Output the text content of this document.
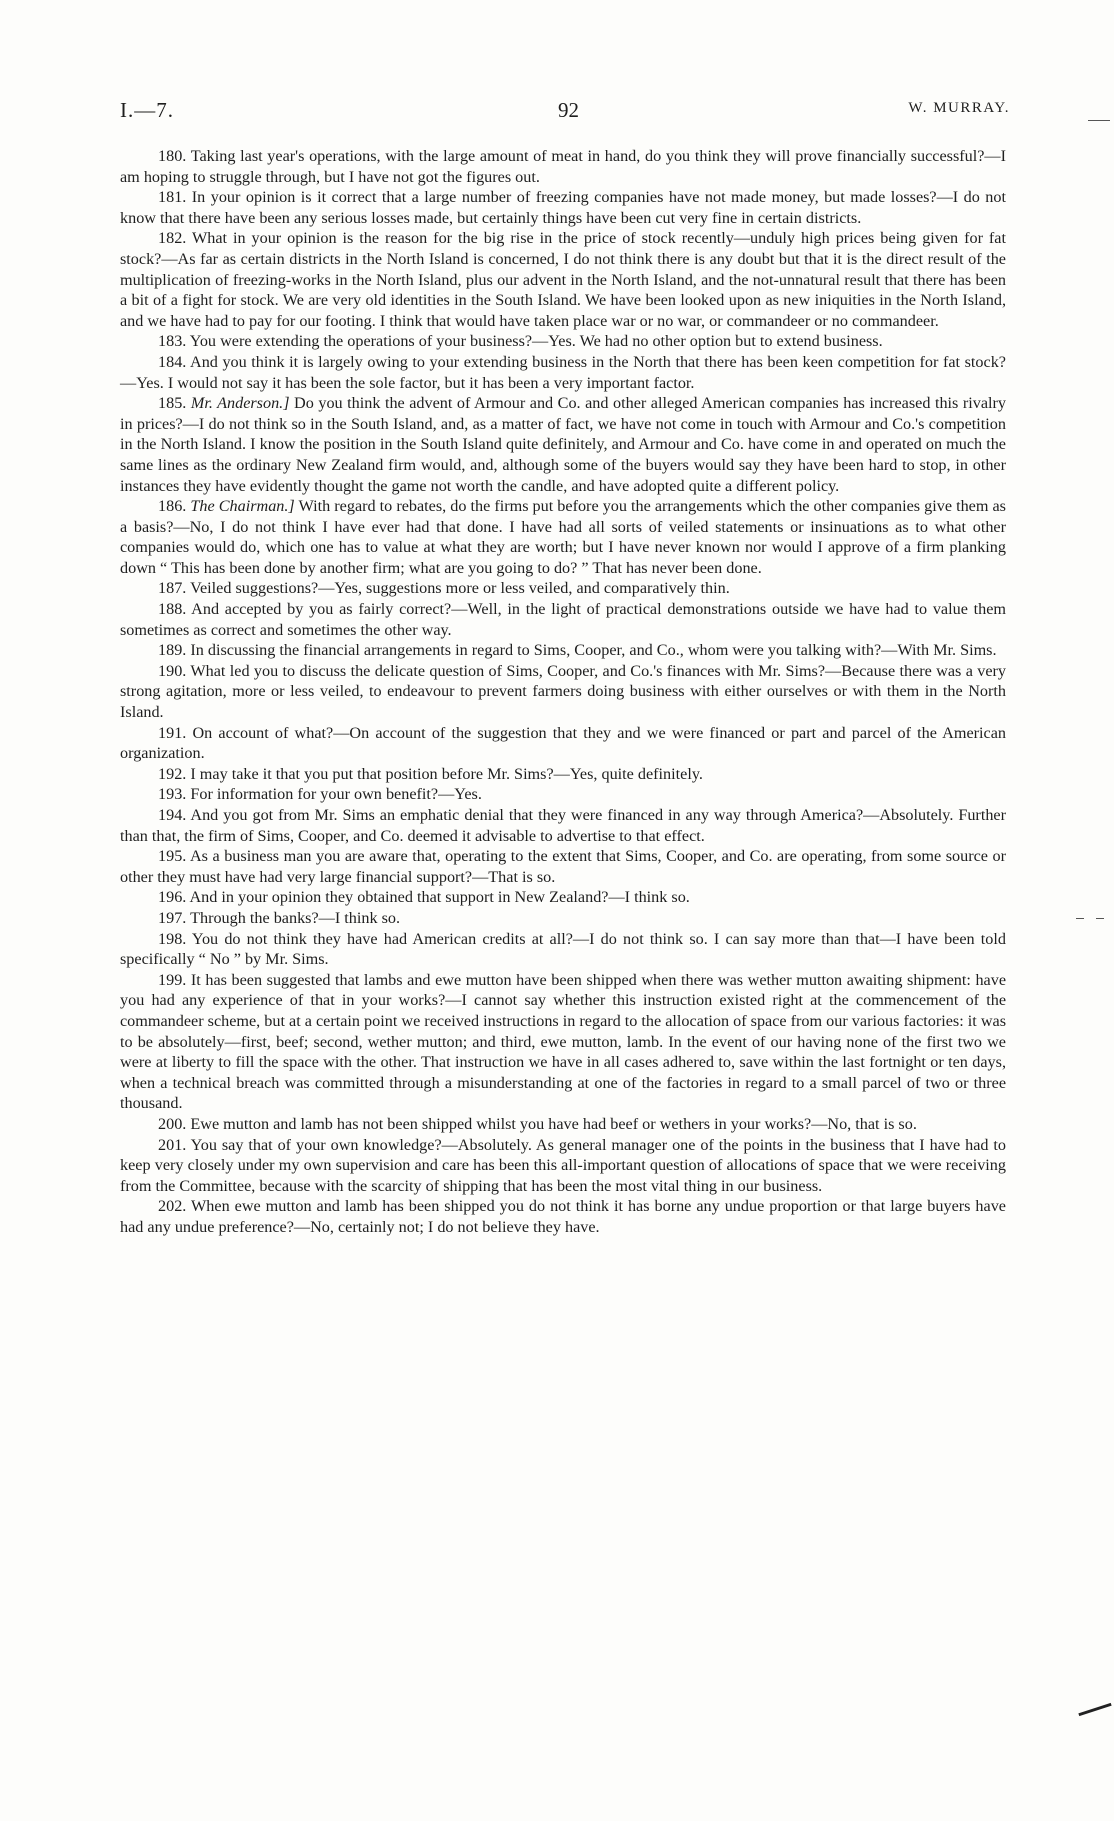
I.—7.	92	W. MURRAY.

180. Taking last year's operations, with the large amount of meat in hand, do you think they will prove financially successful?—I am hoping to struggle through, but I have not got the figures out.

181. In your opinion is it correct that a large number of freezing companies have not made money, but made losses?—I do not know that there have been any serious losses made, but certainly things have been cut very fine in certain districts.

182. What in your opinion is the reason for the big rise in the price of stock recently—unduly high prices being given for fat stock?—As far as certain districts in the North Island is concerned, I do not think there is any doubt but that it is the direct result of the multiplication of freezing-works in the North Island, plus our advent in the North Island, and the not-unnatural result that there has been a bit of a fight for stock. We are very old identities in the South Island. We have been looked upon as new iniquities in the North Island, and we have had to pay for our footing. I think that would have taken place war or no war, or commandeer or no commandeer.

183. You were extending the operations of your business?—Yes. We had no other option but to extend business.

184. And you think it is largely owing to your extending business in the North that there has been keen competition for fat stock?—Yes. I would not say it has been the sole factor, but it has been a very important factor.

185. Mr. Anderson.] Do you think the advent of Armour and Co. and other alleged American companies has increased this rivalry in prices?—I do not think so in the South Island, and, as a matter of fact, we have not come in touch with Armour and Co.'s competition in the North Island. I know the position in the South Island quite definitely, and Armour and Co. have come in and operated on much the same lines as the ordinary New Zealand firm would, and, although some of the buyers would say they have been hard to stop, in other instances they have evidently thought the game not worth the candle, and have adopted quite a different policy.

186. The Chairman.] With regard to rebates, do the firms put before you the arrangements which the other companies give them as a basis?—No, I do not think I have ever had that done. I have had all sorts of veiled statements or insinuations as to what other companies would do, which one has to value at what they are worth; but I have never known nor would I approve of a firm planking down “ This has been done by another firm; what are you going to do? ” That has never been done.

187. Veiled suggestions?—Yes, suggestions more or less veiled, and comparatively thin.

188. And accepted by you as fairly correct?—Well, in the light of practical demonstrations outside we have had to value them sometimes as correct and sometimes the other way.

189. In discussing the financial arrangements in regard to Sims, Cooper, and Co., whom were you talking with?—With Mr. Sims.

190. What led you to discuss the delicate question of Sims, Cooper, and Co.'s finances with Mr. Sims?—Because there was a very strong agitation, more or less veiled, to endeavour to prevent farmers doing business with either ourselves or with them in the North Island.

191. On account of what?—On account of the suggestion that they and we were financed or part and parcel of the American organization.

192. I may take it that you put that position before Mr. Sims?—Yes, quite definitely.

193. For information for your own benefit?—Yes.

194. And you got from Mr. Sims an emphatic denial that they were financed in any way through America?—Absolutely. Further than that, the firm of Sims, Cooper, and Co. deemed it advisable to advertise to that effect.

195. As a business man you are aware that, operating to the extent that Sims, Cooper, and Co. are operating, from some source or other they must have had very large financial support?—That is so.

196. And in your opinion they obtained that support in New Zealand?—I think so.

197. Through the banks?—I think so.

198. You do not think they have had American credits at all?—I do not think so. I can say more than that—I have been told specifically “ No ” by Mr. Sims.

199. It has been suggested that lambs and ewe mutton have been shipped when there was wether mutton awaiting shipment: have you had any experience of that in your works?—I cannot say whether this instruction existed right at the commencement of the commandeer scheme, but at a certain point we received instructions in regard to the allocation of space from our various factories: it was to be absolutely—first, beef; second, wether mutton; and third, ewe mutton, lamb. In the event of our having none of the first two we were at liberty to fill the space with the other. That instruction we have in all cases adhered to, save within the last fortnight or ten days, when a technical breach was committed through a misunderstanding at one of the factories in regard to a small parcel of two or three thousand.

200. Ewe mutton and lamb has not been shipped whilst you have had beef or wethers in your works?—No, that is so.

201. You say that of your own knowledge?—Absolutely. As general manager one of the points in the business that I have had to keep very closely under my own supervision and care has been this all-important question of allocations of space that we were receiving from the Committee, because with the scarcity of shipping that has been the most vital thing in our business.

202. When ewe mutton and lamb has been shipped you do not think it has borne any undue proportion or that large buyers have had any undue preference?—No, certainly not; I do not believe they have.
